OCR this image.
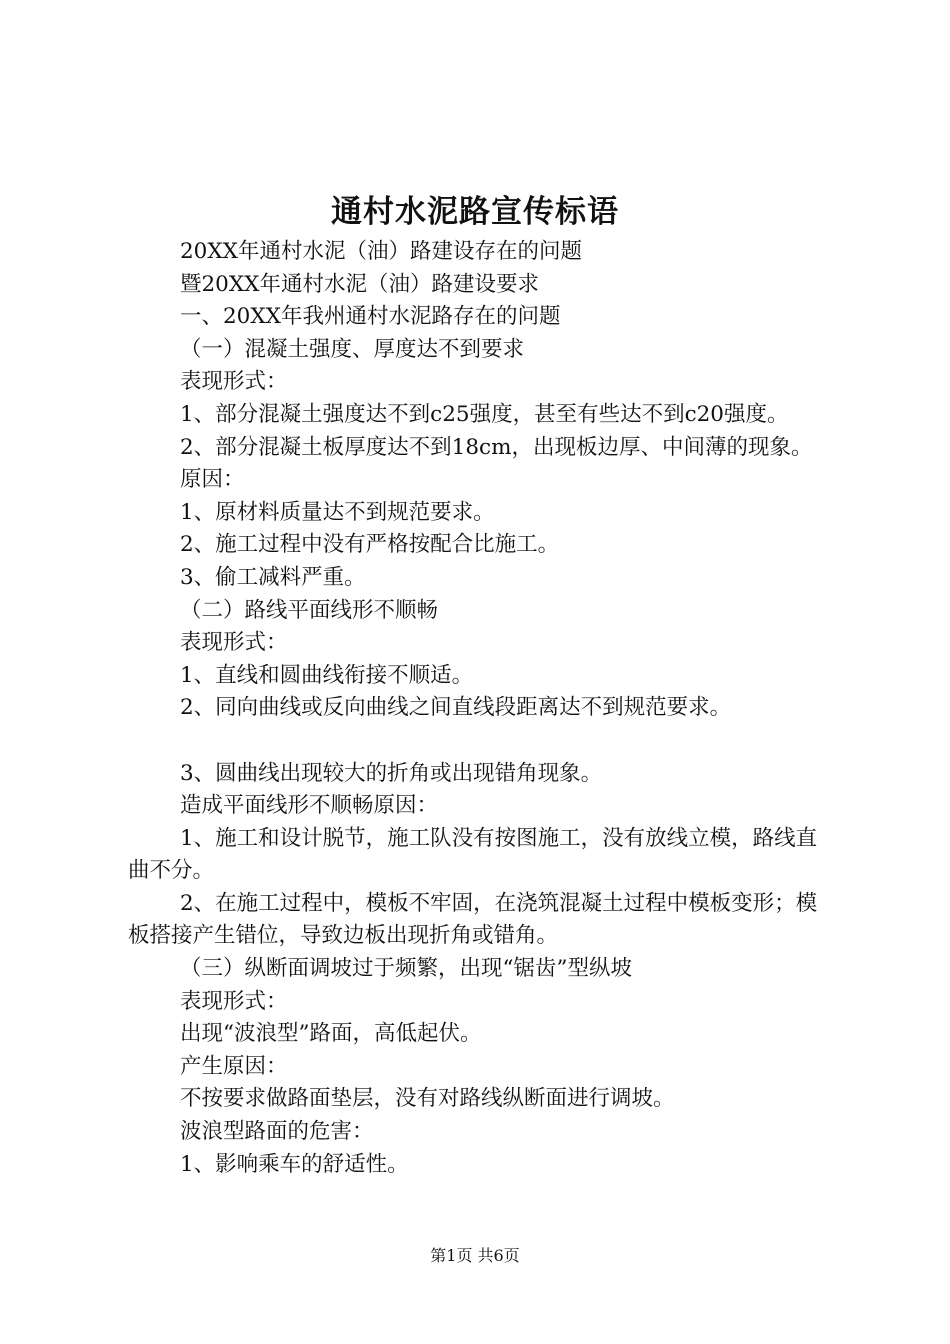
通村水泥路宣传标语

20XX年通村水泥（油）路建设存在的问题

暨20XX年通村水泥（油）路建设要求

一、20XX年我州通村水泥路存在的问题

（一）混凝土强度、厚度达不到要求

表现形式：

1、部分混凝土强度达不到c25强度，甚至有些达不到c20强度。

2、部分混凝土板厚度达不到18cm，出现板边厚、中间薄的现象。

原因：

1、原材料质量达不到规范要求。

2、施工过程中没有严格按配合比施工。

3、偷工减料严重。

（二）路线平面线形不顺畅

表现形式：

1、直线和圆曲线衔接不顺适。

2、同向曲线或反向曲线之间直线段距离达不到规范要求。

3、圆曲线出现较大的折角或出现错角现象。

造成平面线形不顺畅原因：

1、施工和设计脱节，施工队没有按图施工，没有放线立模，路线直曲不分。

2、在施工过程中，模板不牢固，在浇筑混凝土过程中模板变形；模板搭接产生错位，导致边板出现折角或错角。

（三）纵断面调坡过于频繁，出现“锯齿”型纵坡

表现形式：

出现“波浪型”路面，高低起伏。

产生原因：

不按要求做路面垫层，没有对路线纵断面进行调坡。

波浪型路面的危害：

1、影响乘车的舒适性。

第1页 共6页
